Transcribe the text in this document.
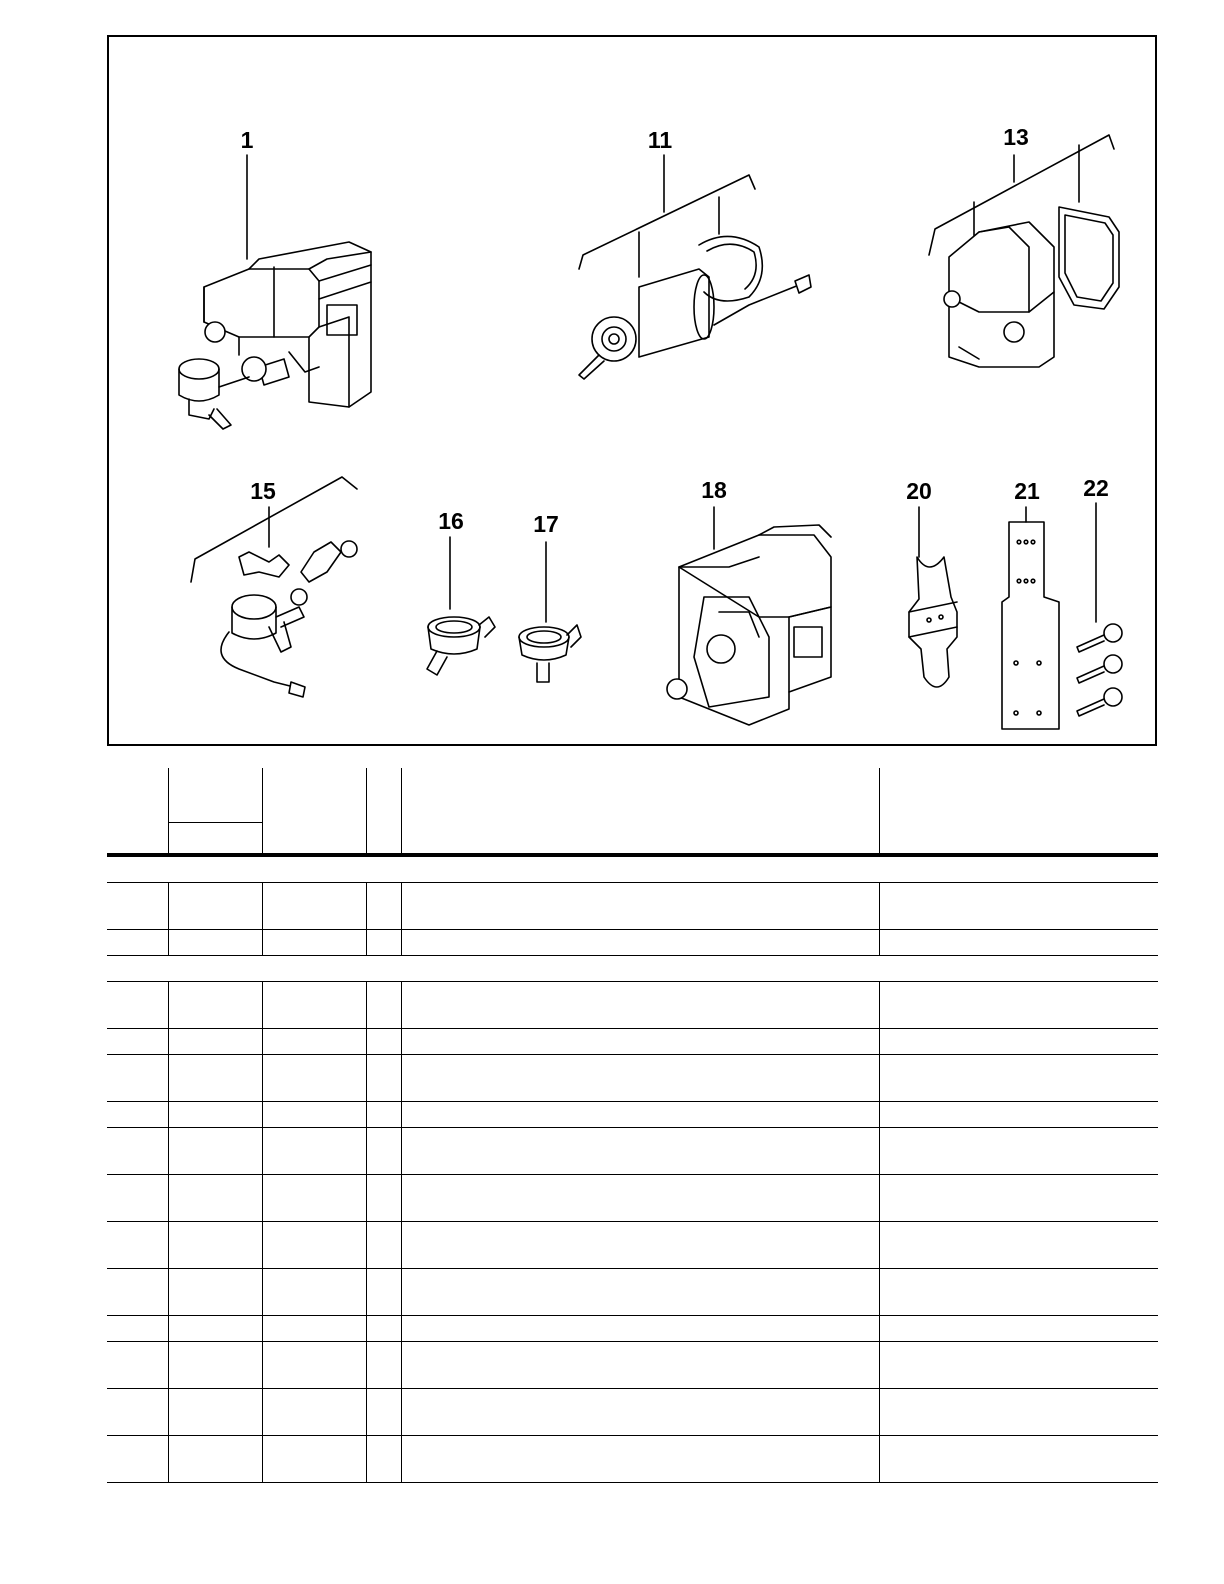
1	11	13
15
16	17
18	20	21 22
